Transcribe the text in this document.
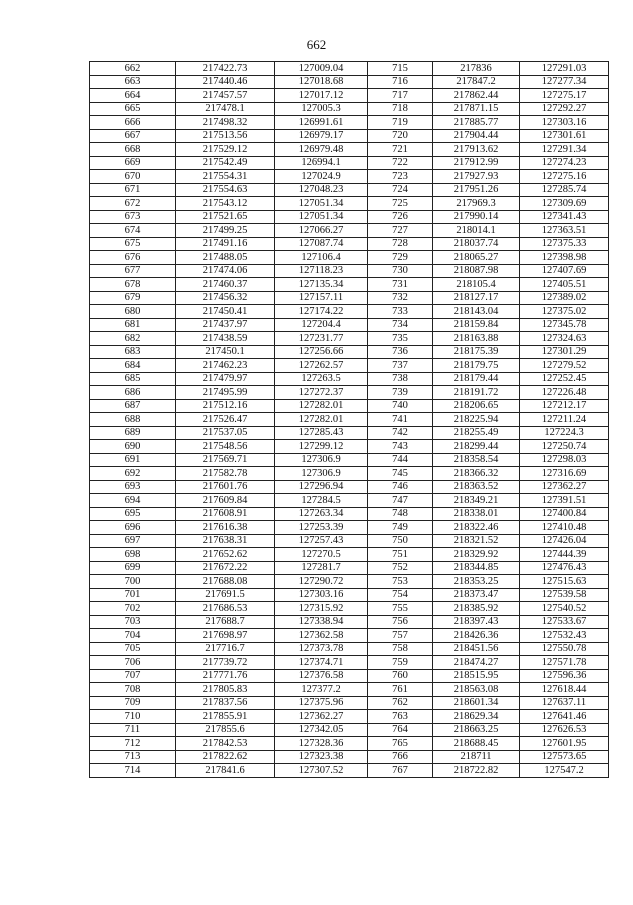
662
662	217422.73	127009.04	715	217836	127291.03
663	217440.46	127018.68	716	217847.2	127277.34
664	217457.57	127017.12	717	217862.44	127275.17
665	217478.1	127005.3	718	217871.15	127292.27
666	217498.32	126991.61	719	217885.77	127303.16
667	217513.56	126979.17	720	217904.44	127301.61
668	217529.12	126979.48	721	217913.62	127291.34
669	217542.49	126994.1	722	217912.99	127274.23
670	217554.31	127024.9	723	217927.93	127275.16
671	217554.63	127048.23	724	217951.26	127285.74
672	217543.12	127051.34	725	217969.3	127309.69
673	217521.65	127051.34	726	217990.14	127341.43
674	217499.25	127066.27	727	218014.1	127363.51
675	217491.16	127087.74	728	218037.74	127375.33
676	217488.05	127106.4	729	218065.27	127398.98
677	217474.06	127118.23	730	218087.98	127407.69
678	217460.37	127135.34	731	218105.4	127405.51
679	217456.32	127157.11	732	218127.17	127389.02
680	217450.41	127174.22	733	218143.04	127375.02
681	217437.97	127204.4	734	218159.84	127345.78
682	217438.59	127231.77	735	218163.88	127324.63
683	217450.1	127256.66	736	218175.39	127301.29
684	217462.23	127262.57	737	218179.75	127279.52
685	217479.97	127263.5	738	218179.44	127252.45
686	217495.99	127272.37	739	218191.72	127226.48
687	217512.16	127282.01	740	218206.65	127212.17
688	217526.47	127282.01	741	218225.94	127211.24
689	217537.05	127285.43	742	218255.49	127224.3
690	217548.56	127299.12	743	218299.44	127250.74
691	217569.71	127306.9	744	218358.54	127298.03
692	217582.78	127306.9	745	218366.32	127316.69
693	217601.76	127296.94	746	218363.52	127362.27
694	217609.84	127284.5	747	218349.21	127391.51
695	217608.91	127263.34	748	218338.01	127400.84
696	217616.38	127253.39	749	218322.46	127410.48
697	217638.31	127257.43	750	218321.52	127426.04
698	217652.62	127270.5	751	218329.92	127444.39
699	217672.22	127281.7	752	218344.85	127476.43
700	217688.08	127290.72	753	218353.25	127515.63
701	217691.5	127303.16	754	218373.47	127539.58
702	217686.53	127315.92	755	218385.92	127540.52
703	217688.7	127338.94	756	218397.43	127533.67
704	217698.97	127362.58	757	218426.36	127532.43
705	217716.7	127373.78	758	218451.56	127550.78
706	217739.72	127374.71	759	218474.27	127571.78
707	217771.76	127376.58	760	218515.95	127596.36
708	217805.83	127377.2	761	218563.08	127618.44
709	217837.56	127375.96	762	218601.34	127637.11
710	217855.91	127362.27	763	218629.34	127641.46
711	217855.6	127342.05	764	218663.25	127626.53
712	217842.53	127328.36	765	218688.45	127601.95
713	217822.62	127323.38	766	218711	127573.65
714	217841.6	127307.52	767	218722.82	127547.2
